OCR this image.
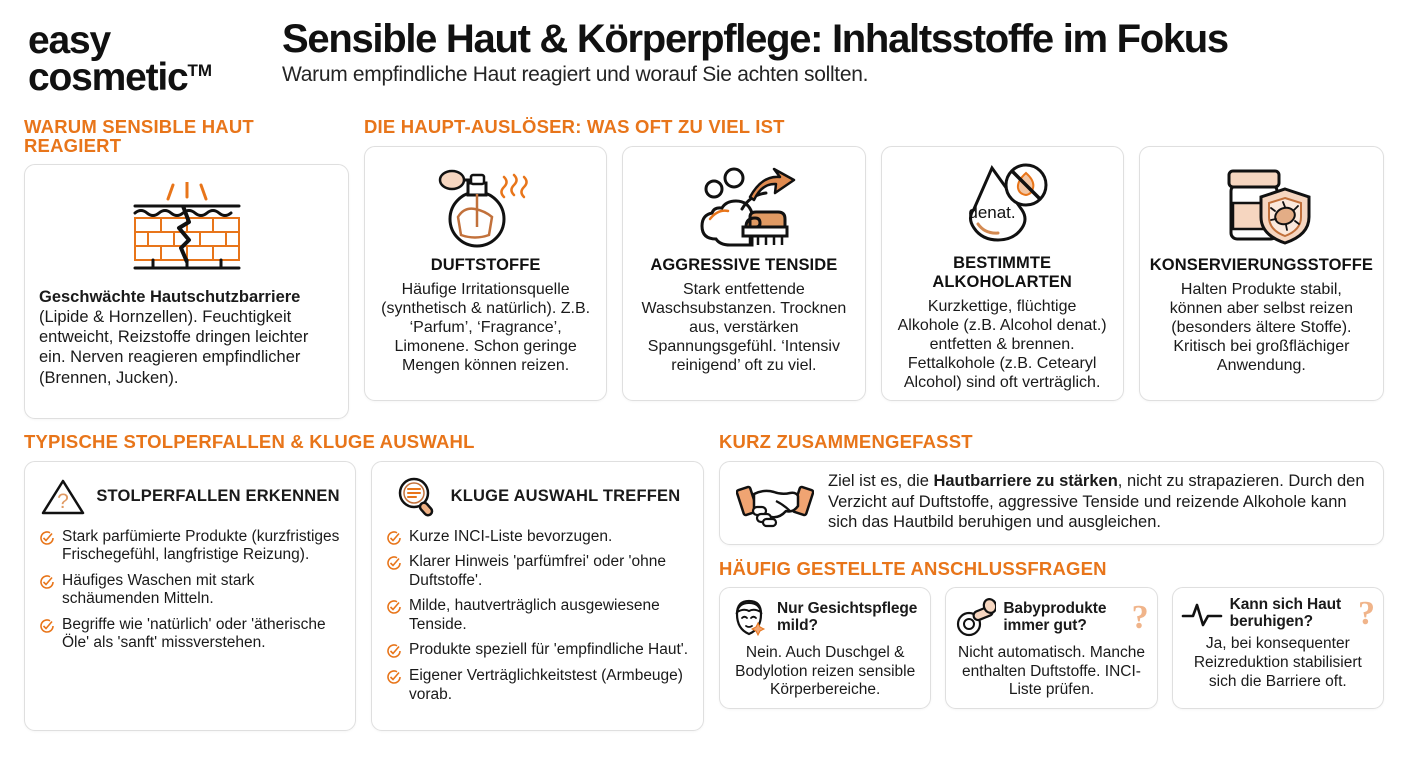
easy
cosmetic™
Sensible Haut & Körperpflege: Inhaltsstoffe im Fokus
Warum empfindliche Haut reagiert und worauf Sie achten sollten.
WARUM SENSIBLE HAUT REAGIERT
Geschwächte Hautschutzbarriere (Lipide & Hornzellen). Feuchtigkeit entweicht, Reizstoffe dringen leichter ein. Nerven reagieren empfindlicher (Brennen, Jucken).
DIE HAUPT-AUSLÖSER: WAS OFT ZU VIEL IST
DUFTSTOFFE
Häufige Irritationsquelle (synthetisch & natürlich). Z.B. ‘Parfum’, ‘Fragrance’, Limonene. Schon geringe Mengen können reizen.
AGGRESSIVE TENSIDE
Stark entfettende Waschsubstanzen. Trocknen aus, verstärken Spannungsgefühl. ‘Intensiv reinigend’ oft zu viel.
denat.
BESTIMMTE ALKOHOLARTEN
Kurzkettige, flüchtige Alkohole (z.B. Alcohol denat.) entfetten & brennen. Fettalkohole (z.B. Cetearyl Alcohol) sind oft verträglich.
KONSERVIERUNGSSTOFFE
Halten Produkte stabil, können aber selbst reizen (besonders ältere Stoffe). Kritisch bei großflächiger Anwendung.
TYPISCHE STOLPERFALLEN & KLUGE AUSWAHL
? STOLPERFALLEN ERKENNEN
Stark parfümierte Produkte (kurzfristiges Frischegefühl, langfristige Reizung).
Häufiges Waschen mit stark schäumenden Mitteln.
Begriffe wie 'natürlich' oder 'ätherische Öle' als 'sanft' missverstehen.
KLUGE AUSWAHL TREFFEN
Kurze INCI-Liste bevorzugen.
Klarer Hinweis 'parfümfrei' oder 'ohne Duftstoffe'.
Milde, hautverträglich ausgewiesene Tenside.
Produkte speziell für 'empfindliche Haut'.
Eigener Verträglichkeitstest (Armbeuge) vorab.
KURZ ZUSAMMENGEFASST
Ziel ist es, die Hautbarriere zu stärken, nicht zu strapazieren. Durch den Verzicht auf Duftstoffe, aggressive Tenside und reizende Alkohole kann sich das Hautbild beruhigen und ausgleichen.
HÄUFIG GESTELLTE ANSCHLUSSFRAGEN
Nur Gesichtspflege mild?
Nein. Auch Duschgel & Bodylotion reizen sensible Körperbereiche.
Babyprodukte immer gut?	?
Nicht automatisch. Manche enthalten Duftstoffe. INCI-Liste prüfen.
Kann sich Haut beruhigen?	?
Ja, bei konsequenter Reizreduktion stabilisiert sich die Barriere oft.
